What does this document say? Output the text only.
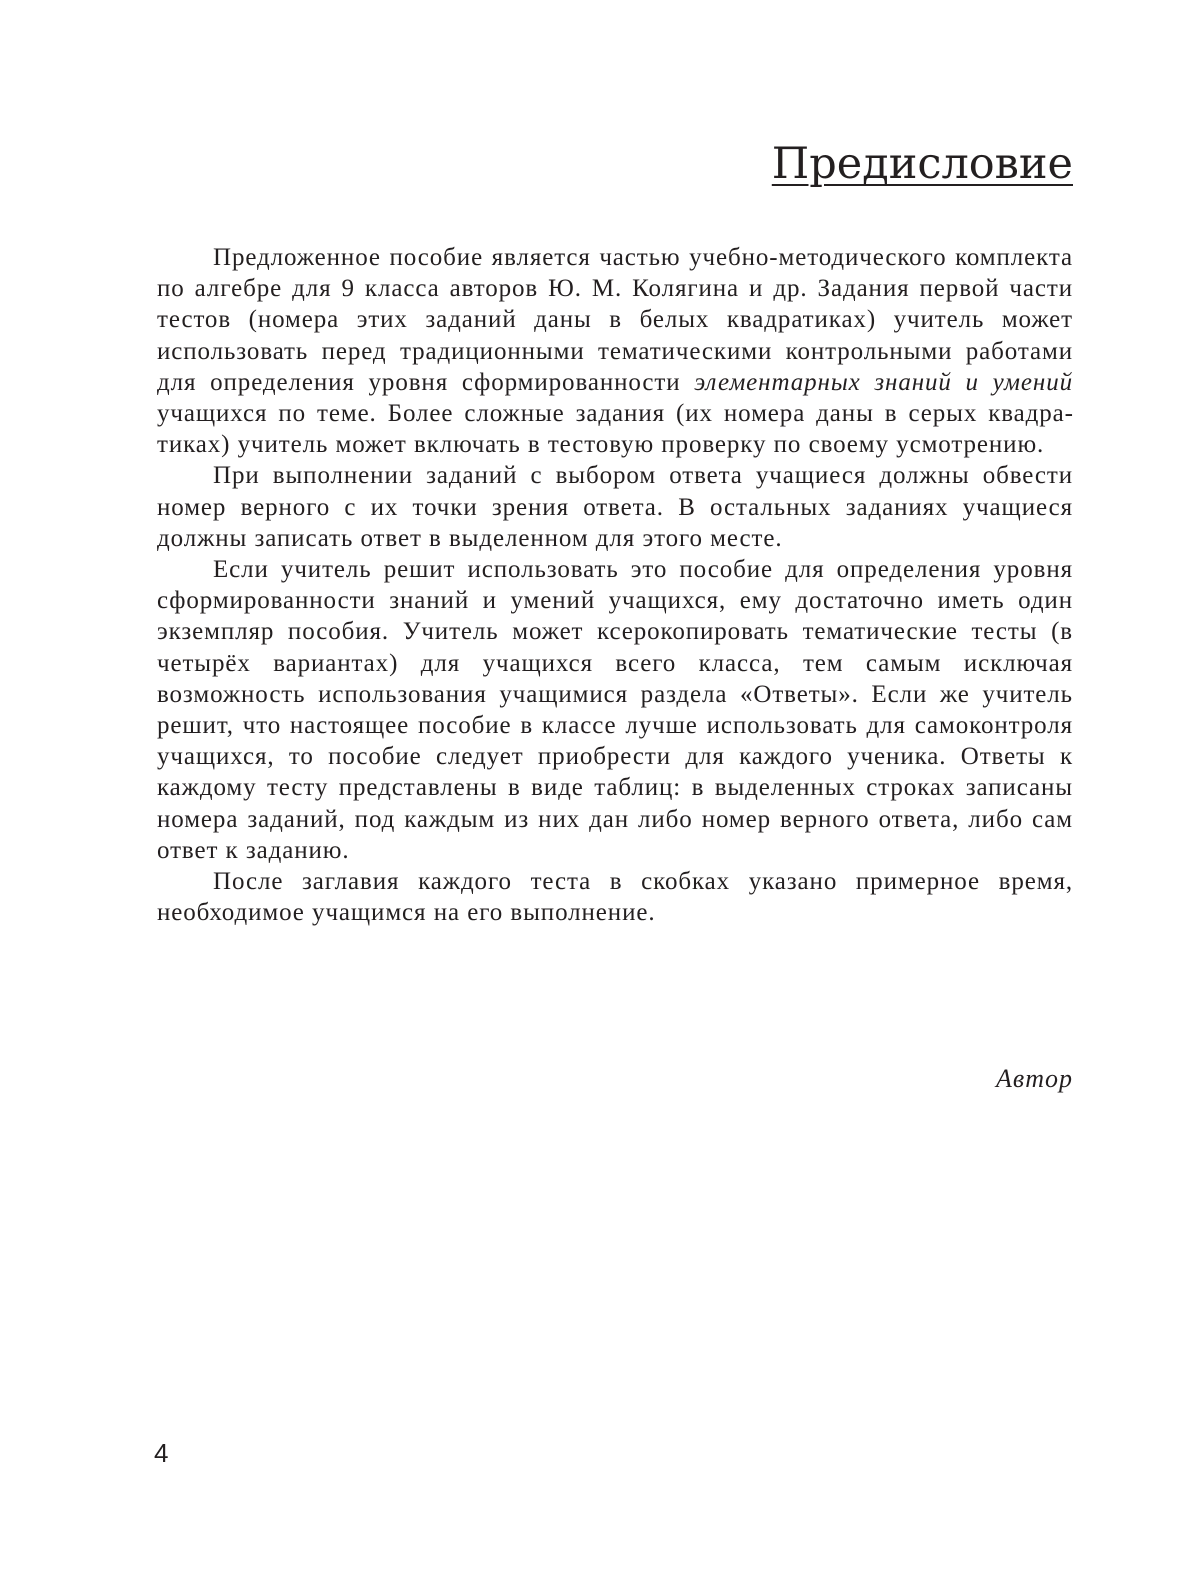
Предисловие

Предложенное пособие является частью учебно-методического комплекта по алгебре для 9 класса авторов Ю. М. Колягина и др. Задания первой части тестов (номера этих заданий даны в белых квадратиках) учитель может использовать перед традиционными тематическими контрольными работами для определения уровня сформированности элементарных знаний и умений учащихся по теме. Более сложные задания (их номера даны в серых квадратиках) учитель может включать в тестовую проверку по своему усмотрению.

При выполнении заданий с выбором ответа учащиеся должны обвести номер верного с их точки зрения ответа. В остальных заданиях учащиеся должны записать ответ в выделенном для этого месте.

Если учитель решит использовать это пособие для определения уровня сформированности знаний и умений учащихся, ему достаточно иметь один экземпляр пособия. Учитель может ксерокопировать тематические тесты (в четырёх вариантах) для учащихся всего класса, тем самым исключая возможность использования учащимися раздела «Ответы». Если же учитель решит, что настоящее пособие в классе лучше использовать для самоконтроля учащихся, то пособие следует приобрести для каждого ученика. Ответы к каждому тесту представлены в виде таблиц: в выделенных строках записаны номера заданий, под каждым из них дан либо номер верного ответа, либо сам ответ к заданию.

После заглавия каждого теста в скобках указано примерное время, необходимое учащимся на его выполнение.

Автор

4
